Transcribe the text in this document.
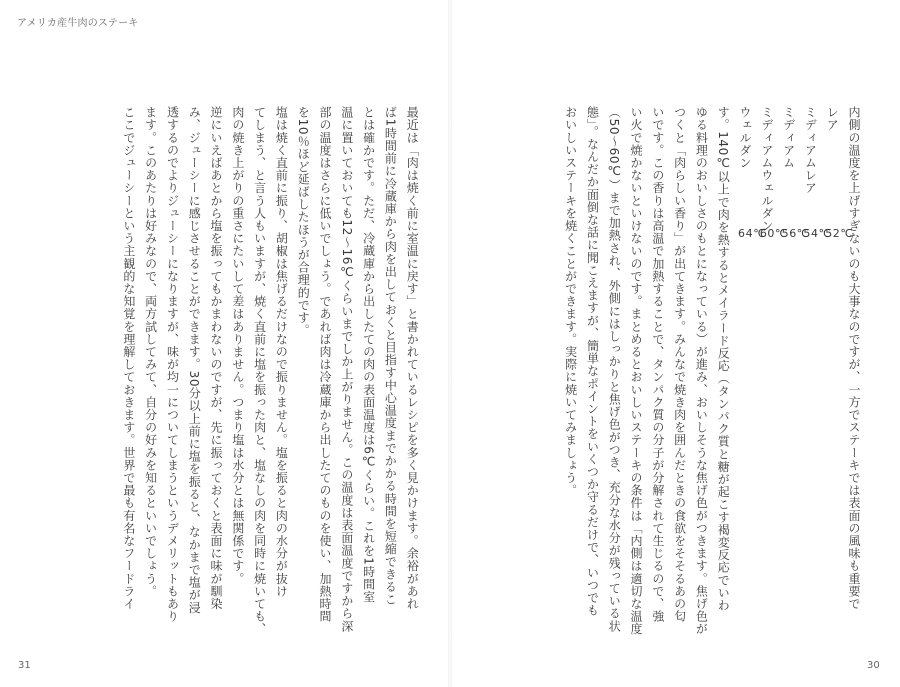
アメリカ産牛肉のステーキ
内側の温度を上げすぎないのも大事なのですが、一方でステーキでは表面の風味も重要で
レア
52℃
ミディアムレア
54℃
ミディアム
56℃
ミディアムウェルダン
60℃
ウェルダン
64℃
す。140℃以上で肉を熱するとメイラード反応（タンパク質と糖が起こす褐変反応でいわ
ゆる料理のおいしさのもとになっている）が進み、おいしそうな焦げ色がつきます。焦げ色が
つくと「肉らしい香り」が出てきます。みんなで焼き肉を囲んだときの食欲をそそるあの匂
いです。この香りは高温で加熱することで、タンパク質の分子が分解されて生じるので、強
い火で焼かないといけないのです。まとめるとおいしいステーキの条件は「内側は適切な温度
（50〜60℃）まで加熱され、外側にはしっかりと焦げ色がつき、充分な水分が残っている状
態」。なんだか面倒な話に聞こえますが、簡単なポイントをいくつか守るだけで、いつでも
おいしいステーキを焼くことができます。実際に焼いてみましょう。
最近は「肉は焼く前に室温に戻す」と書かれているレシピを多く見かけます。余裕があれ
ば1時間前に冷蔵庫から肉を出しておくと目指す中心温度までかかる時間を短縮できるこ
とは確かです。ただ、冷蔵庫から出したての肉の表面温度は6℃くらい。これを1時間室
温に置いておいても12〜16℃くらいまでしか上がりません。この温度は表面温度ですから深
部の温度はさらに低いでしょう。であれば肉は冷蔵庫から出したてのものを使い、加熱時間
を10％ほど延ばしたほうが合理的です。
塩は焼く直前に振り、胡椒は焦げるだけなので振りません。塩を振ると肉の水分が抜け
てしまう、と言う人もいますが、焼く直前に塩を振った肉と、塩なしの肉を同時に焼いても、
肉の焼き上がりの重さにたいして差はありません。つまり塩は水分とは無関係です。
逆にいえばあとから塩を振ってもかまわないのですが、先に振っておくと表面に味が馴染
み、ジューシーに感じさせることができます。30分以上前に塩を振ると、なかまで塩が浸
透するのでよりジューシーになりますが、味が均一についてしまうというデメリットもあり
ます。このあたりは好みなので、両方試してみて、自分の好みを知るといいでしょう。
ここでジューシーという主観的な知覚を理解しておきます。世界で最も有名なフードライ
31	30
